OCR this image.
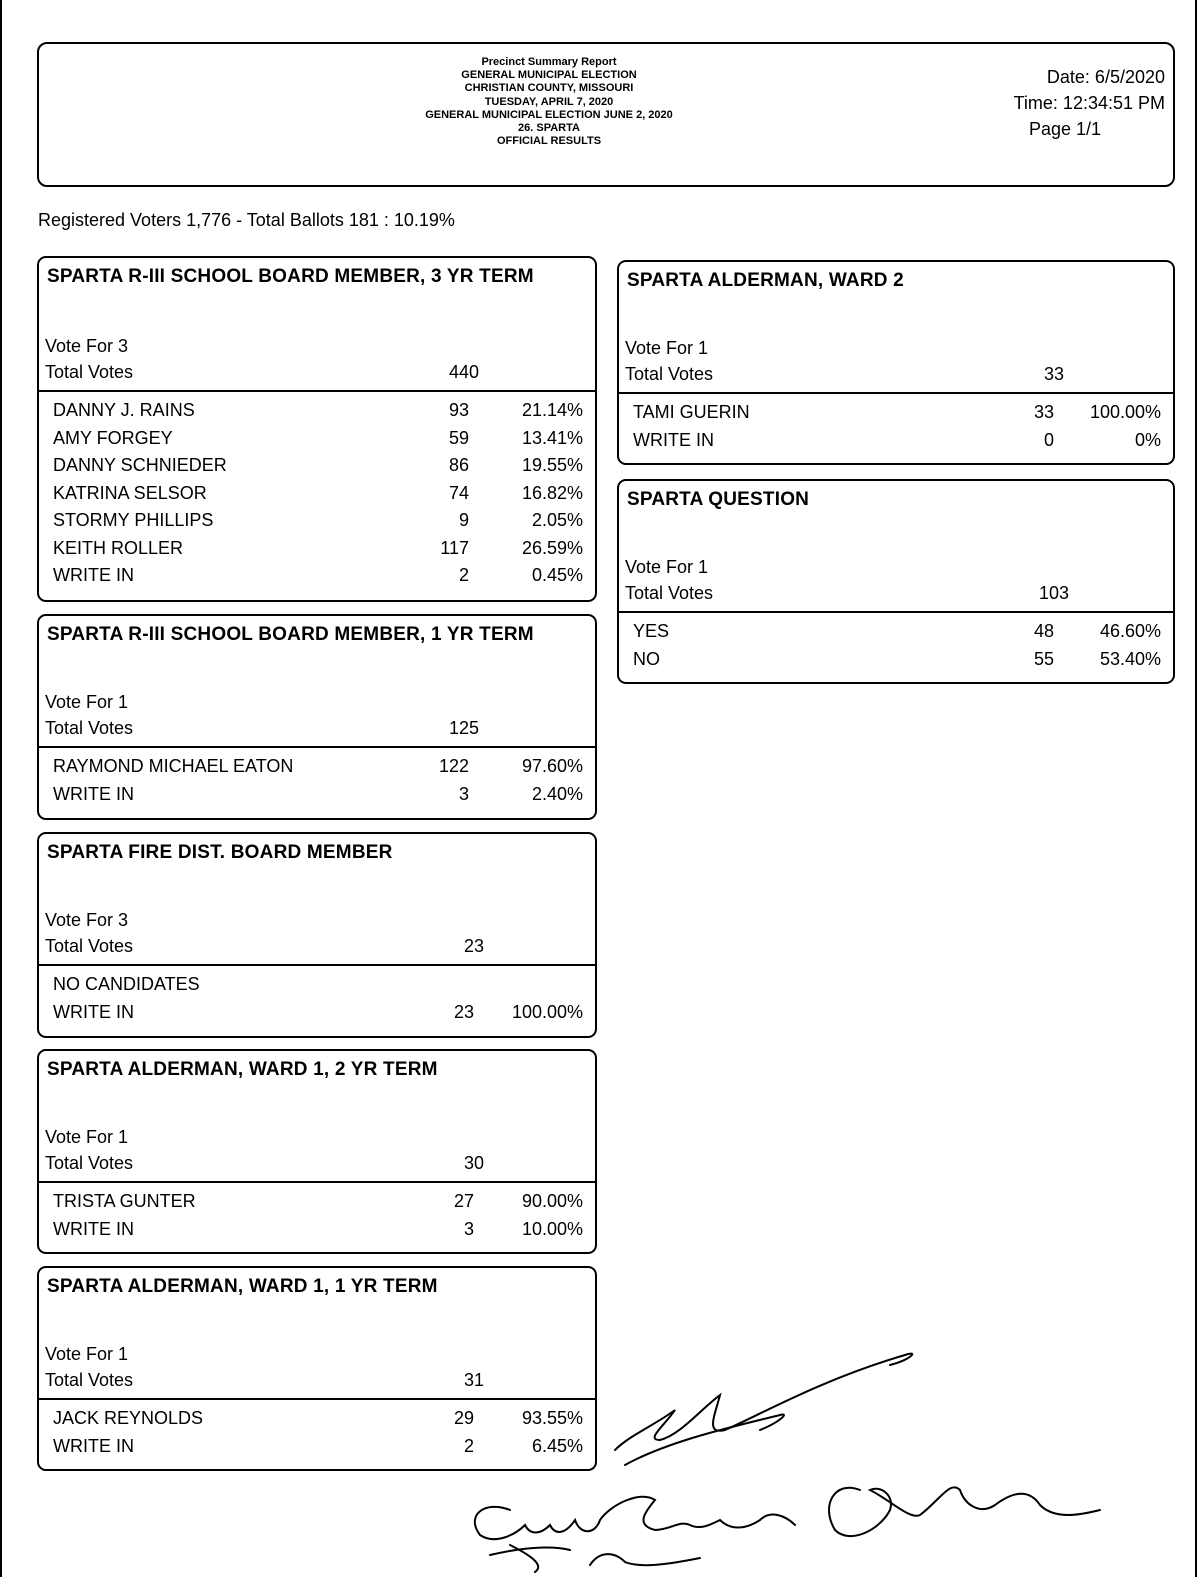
Precinct Summary Report
GENERAL MUNICIPAL ELECTION
CHRISTIAN COUNTY, MISSOURI
TUESDAY, APRIL 7, 2020
GENERAL MUNICIPAL ELECTION JUNE 2, 2020
26. SPARTA
OFFICIAL RESULTS
Date: 6/5/2020
Time: 12:34:51 PM
Page 1/1
Registered Voters 1,776 - Total Ballots 181 : 10.19%
SPARTA R-III SCHOOL BOARD MEMBER, 3 YR TERM
Vote For 3
Total Votes	440
DANNY J. RAINS	93	21.14%
AMY FORGEY	59	13.41%
DANNY SCHNIEDER	86	19.55%
KATRINA SELSOR	74	16.82%
STORMY PHILLIPS	9	2.05%
KEITH ROLLER	117	26.59%
WRITE IN	2	0.45%
SPARTA R-III SCHOOL BOARD MEMBER, 1 YR TERM
Vote For 1
Total Votes	125
RAYMOND MICHAEL EATON	122	97.60%
WRITE IN	3	2.40%
SPARTA FIRE DIST. BOARD MEMBER
Vote For 3
Total Votes	23
NO CANDIDATES
WRITE IN	23	100.00%
SPARTA ALDERMAN, WARD 1, 2 YR TERM
Vote For 1
Total Votes	30
TRISTA GUNTER	27	90.00%
WRITE IN	3	10.00%
SPARTA ALDERMAN, WARD 1, 1 YR TERM
Vote For 1
Total Votes	31
JACK REYNOLDS	29	93.55%
WRITE IN	2	6.45%
SPARTA ALDERMAN, WARD 2
Vote For 1
Total Votes	33
TAMI GUERIN	33	100.00%
WRITE IN	0	0%
SPARTA QUESTION
Vote For 1
Total Votes	103
YES	48	46.60%
NO	55	53.40%
